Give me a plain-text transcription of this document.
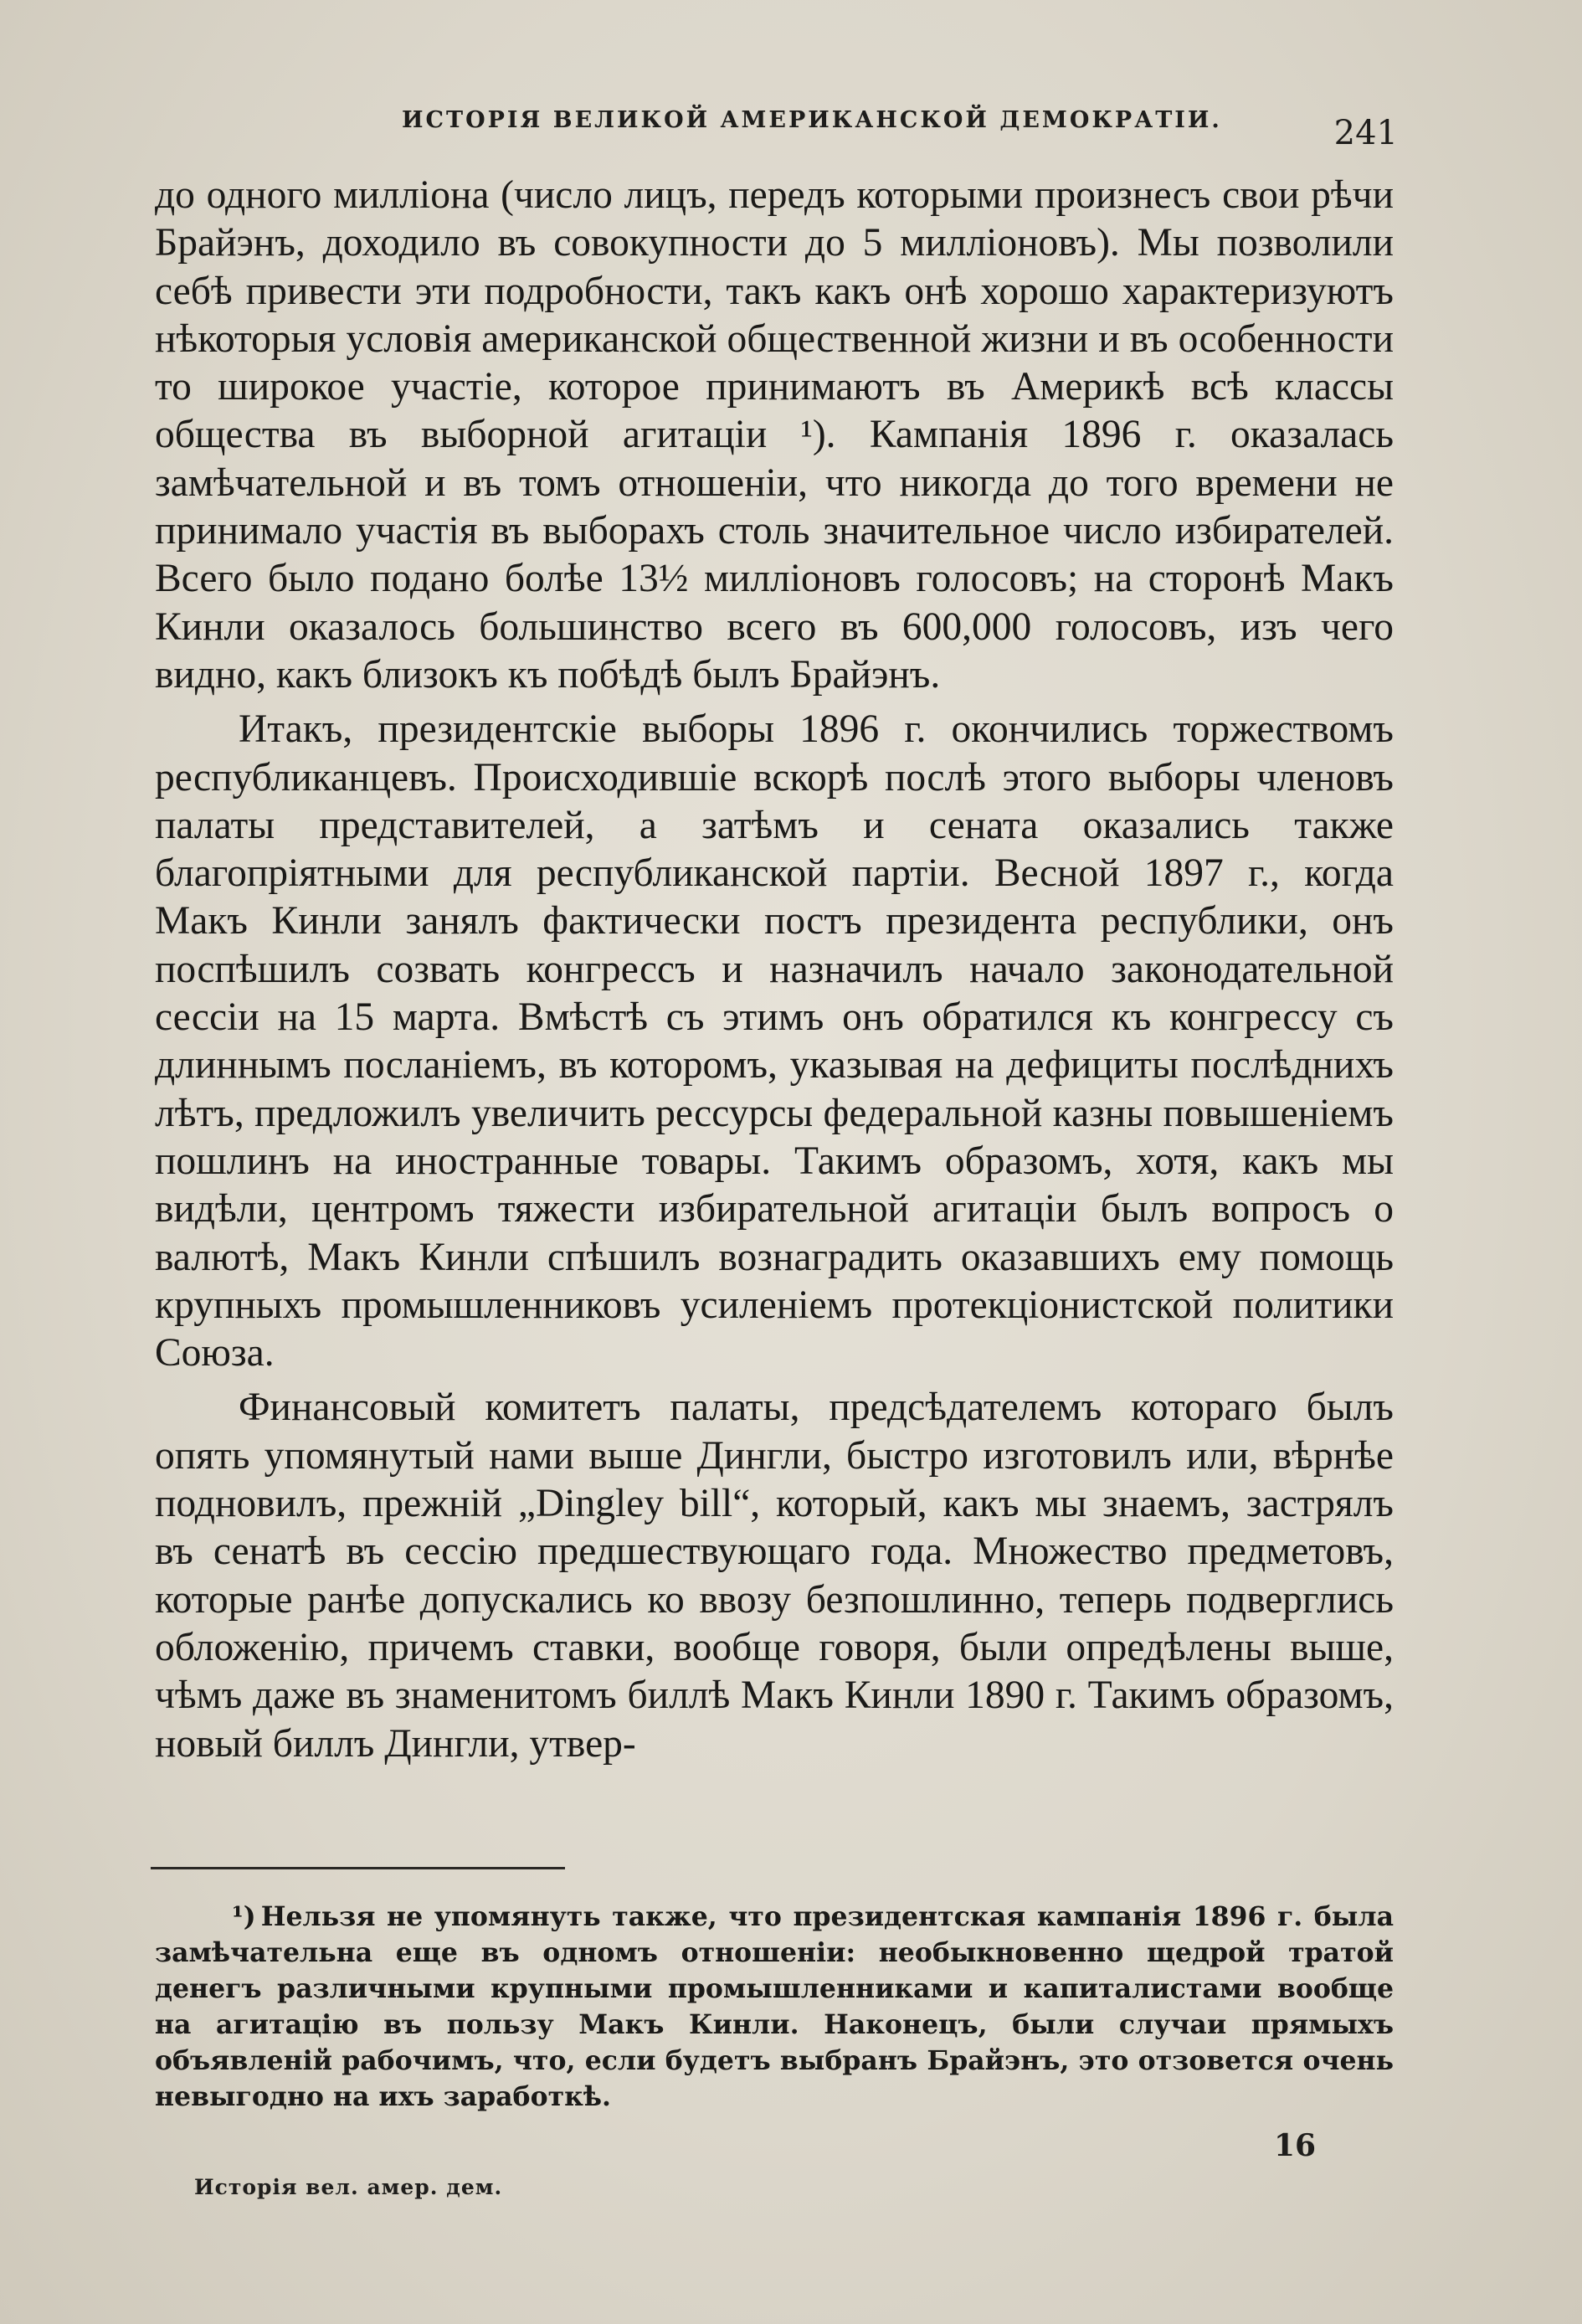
ИСТОРІЯ ВЕЛИКОЙ АМЕРИКАНСКОЙ ДЕМОКРАТІИ.	241

до одного милліона (число лицъ, передъ которыми произнесъ свои рѣчи Брайэнъ, доходило въ совокупности до 5 милліоновъ). Мы позволили себѣ привести эти подробности, такъ какъ онѣ хорошо характеризуютъ нѣкоторыя условія американской общественной жизни и въ особенности то широкое участіе, которое принимаютъ въ Америкѣ всѣ классы общества въ выборной агитаціи ¹). Кампанія 1896 г. оказалась замѣчательной и въ томъ отношеніи, что никогда до того времени не принимало участія въ выборахъ столь значительное число избирателей. Всего было подано болѣе 13½ милліоновъ голосовъ; на сторонѣ Макъ Кинли оказалось большинство всего въ 600,000 голосовъ, изъ чего видно, какъ близокъ къ побѣдѣ былъ Брайэнъ.

Итакъ, президентскіе выборы 1896 г. окончились торжествомъ республиканцевъ. Происходившіе вскорѣ послѣ этого выборы членовъ палаты представителей, а затѣмъ и сената оказались также благопріятными для республиканской партіи. Весной 1897 г., когда Макъ Кинли занялъ фактически постъ президента республики, онъ поспѣшилъ созвать конгрессъ и назначилъ начало законодательной сессіи на 15 марта. Вмѣстѣ съ этимъ онъ обратился къ конгрессу съ длиннымъ посланіемъ, въ которомъ, указывая на дефициты послѣднихъ лѣтъ, предложилъ увеличить рессурсы федеральной казны повышеніемъ пошлинъ на иностранные товары. Такимъ образомъ, хотя, какъ мы видѣли, центромъ тяжести избирательной агитаціи былъ вопросъ о валютѣ, Макъ Кинли спѣшилъ вознаградить оказавшихъ ему помощь крупныхъ промышленниковъ усиленіемъ протекціонистской политики Союза.

Финансовый комитетъ палаты, предсѣдателемъ котораго былъ опять упомянутый нами выше Дингли, быстро изготовилъ или, вѣрнѣе подновилъ, прежній „Dingley bill“, который, какъ мы знаемъ, застрялъ въ сенатѣ въ сессію предшествующаго года. Множество предметовъ, которые ранѣе допускались ко ввозу безпошлинно, теперь подверглись обложенію, причемъ ставки, вообще говоря, были опредѣлены выше, чѣмъ даже въ знаменитомъ биллѣ Макъ Кинли 1890 г. Такимъ образомъ, новый биллъ Дингли, утвер-

¹) Нельзя не упомянуть также, что президентская кампанія 1896 г. была замѣчательна еще въ одномъ отношеніи: необыкновенно щедрой тратой денегъ различными крупными промышленниками и капиталистами вообще на агитацію въ пользу Макъ Кинли. Наконецъ, были случаи прямыхъ объявленій рабочимъ, что, если будетъ выбранъ Брайэнъ, это отзовется очень невыгодно на ихъ заработкѣ.
16
Исторія вел. амер. дем.
